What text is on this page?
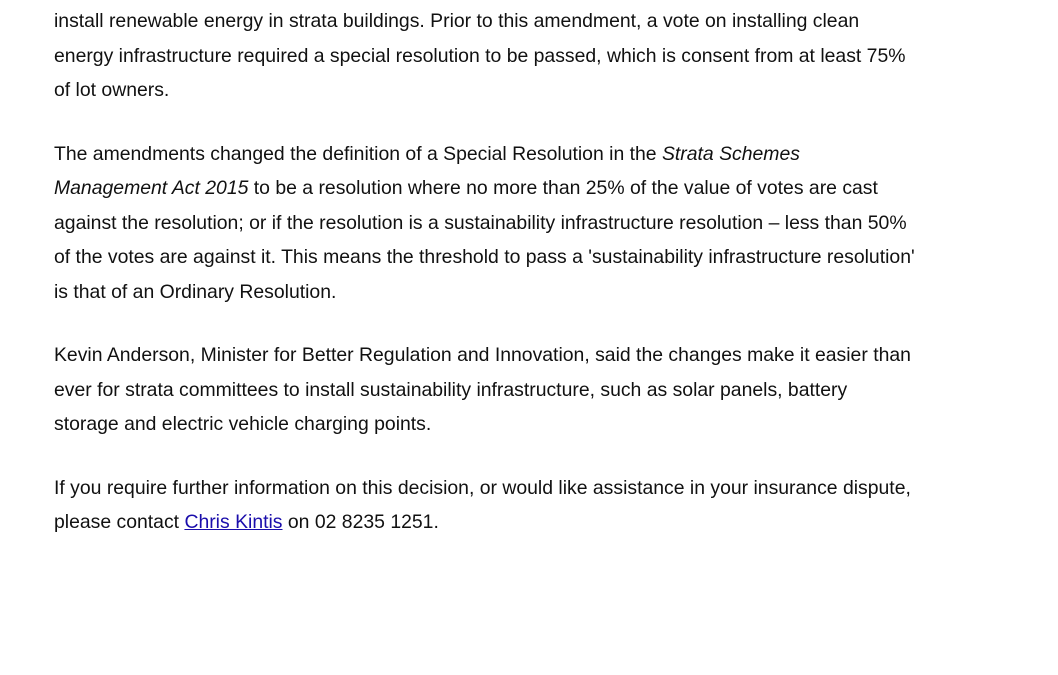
install renewable energy in strata buildings. Prior to this amendment, a vote on installing clean
energy infrastructure required a special resolution to be passed, which is consent from at least 75%
of lot owners.

The amendments changed the definition of a Special Resolution in the Strata Schemes
Management Act 2015 to be a resolution where no more than 25% of the value of votes are cast
against the resolution; or if the resolution is a sustainability infrastructure resolution – less than 50%
of the votes are against it. This means the threshold to pass a 'sustainability infrastructure resolution'
is that of an Ordinary Resolution.

Kevin Anderson, Minister for Better Regulation and Innovation, said the changes make it easier than
ever for strata committees to install sustainability infrastructure, such as solar panels, battery
storage and electric vehicle charging points.

If you require further information on this decision, or would like assistance in your insurance dispute,
please contact Chris Kintis on 02 8235 1251.
